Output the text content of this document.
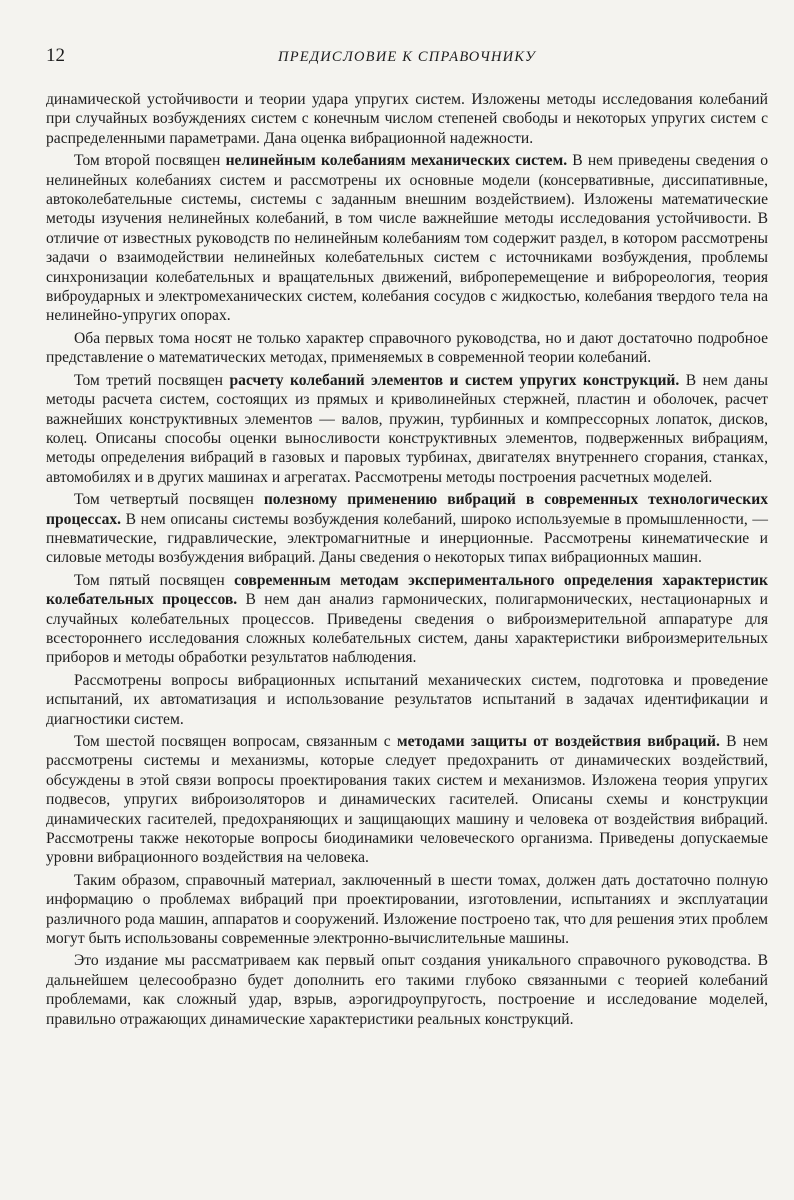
12	ПРЕДИСЛОВИЕ К СПРАВОЧНИКУ

динамической устойчивости и теории удара упругих систем. Изложены методы исследования колебаний при случайных возбуждениях систем с конечным числом степеней свободы и некоторых упругих систем с распределенными параметрами. Дана оценка вибрационной надежности.

Том второй посвящен нелинейным колебаниям механических систем. В нем приведены сведения о нелинейных колебаниях систем и рассмотрены их основные модели (консервативные, диссипативные, автоколебательные системы, системы с заданным внешним воздействием). Изложены математические методы изучения нелинейных колебаний, в том числе важнейшие методы исследования устойчивости. В отличие от известных руководств по нелинейным колебаниям том содержит раздел, в котором рассмотрены задачи о взаимодействии нелинейных колебательных систем с источниками возбуждения, проблемы синхронизации колебательных и вращательных движений, виброперемещение и виброреология, теория виброударных и электромеханических систем, колебания сосудов с жидкостью, колебания твердого тела на нелинейно-упругих опорах.

Оба первых тома носят не только характер справочного руководства, но и дают достаточно подробное представление о математических методах, применяемых в современной теории колебаний.

Том третий посвящен расчету колебаний элементов и систем упругих конструкций. В нем даны методы расчета систем, состоящих из прямых и криволинейных стержней, пластин и оболочек, расчет важнейших конструктивных элементов — валов, пружин, турбинных и компрессорных лопаток, дисков, колец. Описаны способы оценки выносливости конструктивных элементов, подверженных вибрациям, методы определения вибраций в газовых и паровых турбинах, двигателях внутреннего сгорания, станках, автомобилях и в других машинах и агрегатах. Рассмотрены методы построения расчетных моделей.

Том четвертый посвящен полезному применению вибраций в современных технологических процессах. В нем описаны системы возбуждения колебаний, широко используемые в промышленности, — пневматические, гидравлические, электромагнитные и инерционные. Рассмотрены кинематические и силовые методы возбуждения вибраций. Даны сведения о некоторых типах вибрационных машин.

Том пятый посвящен современным методам экспериментального определения характеристик колебательных процессов. В нем дан анализ гармонических, полигармонических, нестационарных и случайных колебательных процессов. Приведены сведения о виброизмерительной аппаратуре для всестороннего исследования сложных колебательных систем, даны характеристики виброизмерительных приборов и методы обработки результатов наблюдения.

Рассмотрены вопросы вибрационных испытаний механических систем, подготовка и проведение испытаний, их автоматизация и использование результатов испытаний в задачах идентификации и диагностики систем.

Том шестой посвящен вопросам, связанным с методами защиты от воздействия вибраций. В нем рассмотрены системы и механизмы, которые следует предохранить от динамических воздействий, обсуждены в этой связи вопросы проектирования таких систем и механизмов. Изложена теория упругих подвесов, упругих виброизоляторов и динамических гасителей. Описаны схемы и конструкции динамических гасителей, предохраняющих и защищающих машину и человека от воздействия вибраций. Рассмотрены также некоторые вопросы биодинамики человеческого организма. Приведены допускаемые уровни вибрационного воздействия на человека.

Таким образом, справочный материал, заключенный в шести томах, должен дать достаточно полную информацию о проблемах вибраций при проектировании, изготовлении, испытаниях и эксплуатации различного рода машин, аппаратов и сооружений. Изложение построено так, что для решения этих проблем могут быть использованы современные электронно-вычислительные машины.

Это издание мы рассматриваем как первый опыт создания уникального справочного руководства. В дальнейшем целесообразно будет дополнить его такими глубоко связанными с теорией колебаний проблемами, как сложный удар, взрыв, аэрогидроупругость, построение и исследование моделей, правильно отражающих динамические характеристики реальных конструкций.
